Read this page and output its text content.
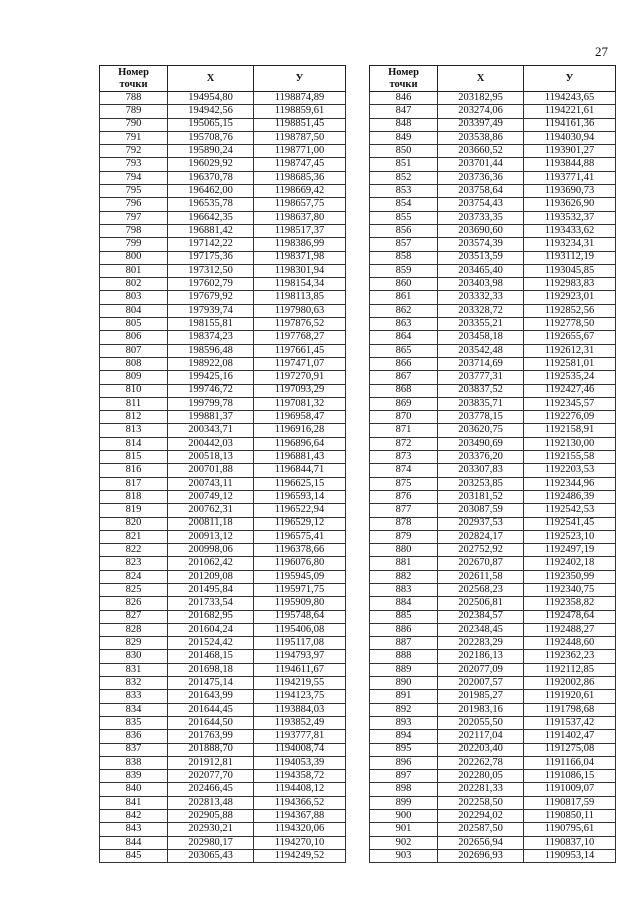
27
Номер
точки	X	У
788	194954,80	1198874,89
789	194942,56	1198859,61
790	195065,15	1198851,45
791	195708,76	1198787,50
792	195890,24	1198771,00
793	196029,92	1198747,45
794	196370,78	1198685,36
795	196462,00	1198669,42
796	196535,78	1198657,75
797	196642,35	1198637,80
798	196881,42	1198517,37
799	197142,22	1198386,99
800	197175,36	1198371,98
801	197312,50	1198301,94
802	197602,79	1198154,34
803	197679,92	1198113,85
804	197939,74	1197980,63
805	198155,81	1197876,52
806	198374,23	1197768,27
807	198596,48	1197661,45
808	198922,08	1197471,07
809	199425,16	1197270,91
810	199746,72	1197093,29
811	199799,78	1197081,32
812	199881,37	1196958,47
813	200343,71	1196916,28
814	200442,03	1196896,64
815	200518,13	1196881,43
816	200701,88	1196844,71
817	200743,11	1196625,15
818	200749,12	1196593,14
819	200762,31	1196522,94
820	200811,18	1196529,12
821	200913,12	1196575,41
822	200998,06	1196378,66
823	201062,42	1196076,80
824	201209,08	1195945,09
825	201495,84	1195971,75
826	201733,54	1195909,80
827	201682,95	1195748,64
828	201604,24	1195406,08
829	201524,42	1195117,08
830	201468,15	1194793,97
831	201698,18	1194611,67
832	201475,14	1194219,55
833	201643,99	1194123,75
834	201644,45	1193884,03
835	201644,50	1193852,49
836	201763,99	1193777,81
837	201888,70	1194008,74
838	201912,81	1194053,39
839	202077,70	1194358,72
840	202466,45	1194408,12
841	202813,48	1194366,52
842	202905,88	1194367,88
843	202930,21	1194320,06
844	202980,17	1194270,10
845	203065,43	1194249,52
Номер
точки	X	У
846	203182,95	1194243,65
847	203274,06	1194221,61
848	203397,49	1194161,36
849	203538,86	1194030,94
850	203660,52	1193901,27
851	203701,44	1193844,88
852	203736,36	1193771,41
853	203758,64	1193690,73
854	203754,43	1193626,90
855	203733,35	1193532,37
856	203690,60	1193433,62
857	203574,39	1193234,31
858	203513,59	1193112,19
859	203465,40	1193045,85
860	203403,98	1192983,83
861	203332,33	1192923,01
862	203328,72	1192852,56
863	203355,21	1192778,50
864	203458,18	1192655,67
865	203542,48	1192612,31
866	203714,69	1192581,01
867	203777,31	1192535,24
868	203837,52	1192427,46
869	203835,71	1192345,57
870	203778,15	1192276,09
871	203620,75	1192158,91
872	203490,69	1192130,00
873	203376,20	1192155,58
874	203307,83	1192203,53
875	203253,85	1192344,96
876	203181,52	1192486,39
877	203087,59	1192542,53
878	202937,53	1192541,45
879	202824,17	1192523,10
880	202752,92	1192497,19
881	202670,87	1192402,18
882	202611,58	1192350,99
883	202568,23	1192340,75
884	202506,81	1192358,82
885	202384,57	1192478,64
886	202348,45	1192488,27
887	202283,29	1192448,60
888	202186,13	1192362,23
889	202077,09	1192112,85
890	202007,57	1192002,86
891	201985,27	1191920,61
892	201983,16	1191798,68
893	202055,50	1191537,42
894	202117,04	1191402,47
895	202203,40	1191275,08
896	202262,78	1191166,04
897	202280,05	1191086,15
898	202281,33	1191009,07
899	202258,50	1190817,59
900	202294,02	1190850,11
901	202587,50	1190795,61
902	202656,94	1190837,10
903	202696,93	1190953,14
